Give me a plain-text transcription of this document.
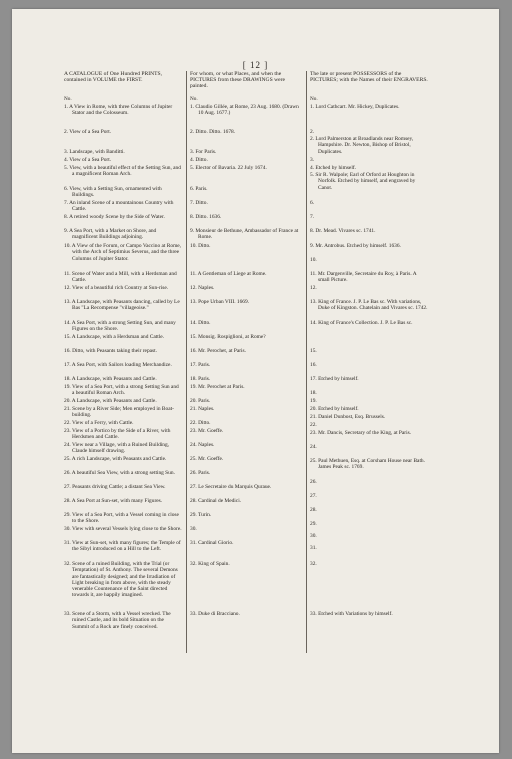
[ 12 ]
A CATALOGUE of One Hundred PRINTS, contained in VOLUME the FIRST.
No.
1. A View in Rome, with three Columns of Jupiter Stator and the Colosseum.
2. View of a Sea Port.
3. Landscape, with Banditti.
4. View of a Sea Port.
5. View, with a beautiful effect of the Setting Sun, and a magnificent Roman Arch.
6. View, with a Setting Sun, ornamented with Buildings.
7. An inland Scene of a mountainous Country with Cattle.
8. A retired woody Scene by the Side of Water.
9. A Sea Port, with a Market on Shore, and magnificent Buildings adjoining.
10. A View of the Forum, or Campo Vaccino at Rome, with the Arch of Septimius Severus, and the three Columns of Jupiter Stator.
11. Scene of Water and a Mill, with a Herdsman and Cattle.
12. View of a beautiful rich Country at Sun-rise.
13. A Landscape, with Peasants dancing, called by Le Bas "La Recompense "villageoise."
14. A Sea Port, with a strong Setting Sun, and many Figures on the Shore.
15. A Landscape, with a Herdsman and Cattle.
16. Ditto, with Peasants taking their repast.
17. A Sea Port, with Sailors loading Merchandize.
18. A Landscape, with Peasants and Cattle.
19. View of a Sea Port, with a strong Setting Sun and a beautiful Roman Arch.
20. A Landscape, with Peasants and Cattle.
21. Scene by a River Side; Men employed in Boat-building.
22. View of a Ferry, with Cattle.
23. View of a Portico by the Side of a River, with Herdsmen and Cattle.
24. View near a Village, with a Ruined Building, Claude himself drawing.
25. A rich Landscape, with Peasants and Cattle.
26. A beautiful Sea View, with a strong setting Sun.
27. Peasants driving Cattle; a distant Sea View.
28. A Sea Port at Sun-set, with many Figures.
29. View of a Sea Port, with a Vessel coming in close to the Shore.
30. View with several Vessels lying close to the Shore.
31. View at Sun-set, with many figures; the Temple of the Sibyl introduced on a Hill to the Left.
32. Scene of a ruined Building, with the Trial (or Temptation) of St. Anthony. The several Demons are fantastically designed; and the Irradiation of Light breaking in from above, with the steady venerable Countenance of the Saint directed towards it, are happily imagined.
33. Scene of a Storm, with a Vessel wrecked. The ruined Castle, and its bold Situation on the Summit of a Rock are finely conceived.
For whom, or what Places, and when the PICTURES from these DRAWINGS were painted.
No.
1. Claudio Gillée, at Rome, 23 Aug. 1680. (Drawn 10 Aug. 1677.)
2. Ditto. Ditto. 1678.
3. For Paris.
4. Ditto.
5. Elector of Bavaria. 22 July 1674.
6. Paris.
7. Ditto.
8. Ditto. 1636.
9. Monsieur de Bethune, Ambassador of France at Rome.
10. Ditto.
11. A Gentleman of Liege at Rome.
12. Naples.
13. Pope Urban VIII. 1669.
14. Ditto.
15. Monsig. Rospiglioni, at Rome?
16. Mr. Perochet, at Paris.
17. Paris.
18. Paris.
19. Mr. Perochet at Paris.
20. Paris.
21. Naples.
22. Ditto.
23. Mr. Goeffe.
24. Naples.
25. Mr. Goeffe.
26. Paris.
27. Le Secretaire du Marquis Quraue.
28. Cardinal de Medici.
29. Turin.
30.
31. Cardinal Giorio.
32. King of Spain.
33. Duke di Bracciano.
The late or present POSSESSORS of the PICTURES; with the Names of their ENGRAVERS.
No.
1. Lord Cathcart. Mr. Hickey, Duplicates.
2.
2. Lord Palmerston at Broadlands near Romsey, Hampshire. Dr. Newton, Bishop of Bristol, Duplicates.
3.
4. Etched by himself.
5. Sir R. Walpole; Earl of Orford at Houghton in Norfolk. Etched by himself, and engraved by Canot.
6.
7.
8. Dr. Mead. Vivares sc. 1741.
9. Mr. Antrobus. Etched by himself. 1636.
10.
11. Mr. Dargenville, Secretaire du Roy, à Paris. A small Picture.
12.
13. King of France. J. P. Le Bas sc. With variations, Duke of Kingston. Chatelain and Vivares sc. 1742.
14. King of France's Collection. J. P. Le Bas sc.
15.
16.
17. Etched by himself.
18.
19.
20. Etched by himself.
21. Daniel Dunbost, Esq. Brussels.
22.
23. Mr. Dancis, Secretary of the King, at Paris.
24.
25. Paul Methuen, Esq. at Corsham House near Bath. James Peak sc. 1769.
26.
27.
28.
29.
30.
31.
32.
33. Etched with Variations by himself.
